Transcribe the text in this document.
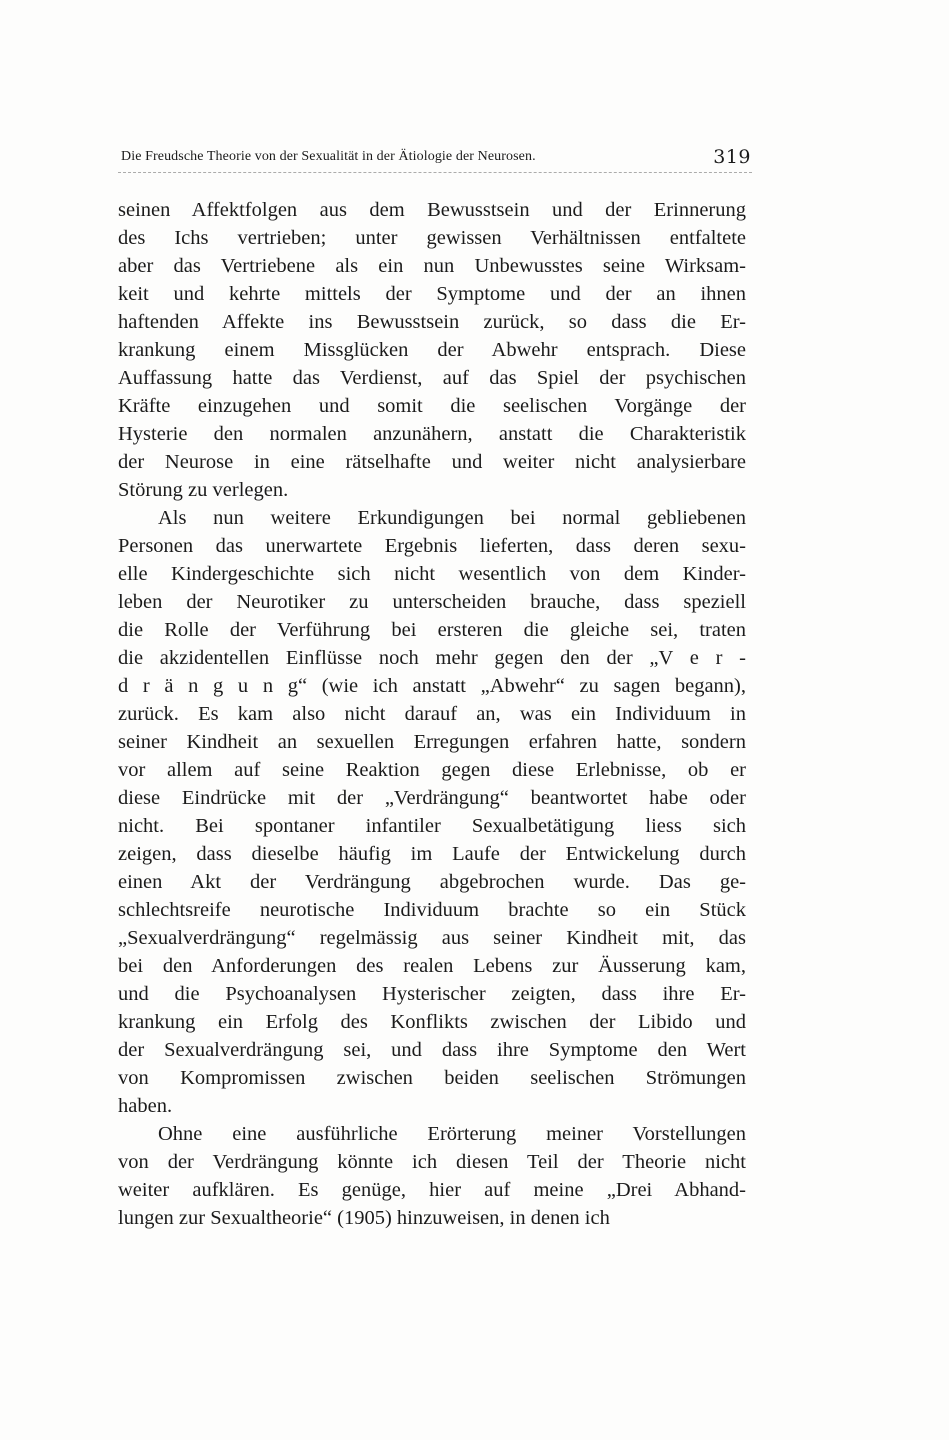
Die Freudsche Theorie von der Sexualität in der Ätiologie der Neurosen.	319
seinen Affektfolgen aus dem Bewusstsein und der Erinnerung
des Ichs vertrieben; unter gewissen Verhältnissen entfaltete
aber das Vertriebene als ein nun Unbewusstes seine Wirksam-
keit und kehrte mittels der Symptome und der an ihnen
haftenden Affekte ins Bewusstsein zurück, so dass die Er-
krankung einem Missglücken der Abwehr entsprach. Diese
Auffassung hatte das Verdienst, auf das Spiel der psychischen
Kräfte einzugehen und somit die seelischen Vorgänge der
Hysterie den normalen anzunähern, anstatt die Charakteristik
der Neurose in eine rätselhafte und weiter nicht analysierbare
Störung zu verlegen.
Als nun weitere Erkundigungen bei normal gebliebenen
Personen das unerwartete Ergebnis lieferten, dass deren sexu-
elle Kindergeschichte sich nicht wesentlich von dem Kinder-
leben der Neurotiker zu unterscheiden brauche, dass speziell
die Rolle der Verführung bei ersteren die gleiche sei, traten
die akzidentellen Einflüsse noch mehr gegen den der „V e r -
d r ä n g u n g“ (wie ich anstatt „Abwehr“ zu sagen begann),
zurück. Es kam also nicht darauf an, was ein Individuum in
seiner Kindheit an sexuellen Erregungen erfahren hatte, sondern
vor allem auf seine Reaktion gegen diese Erlebnisse, ob er
diese Eindrücke mit der „Verdrängung“ beantwortet habe oder
nicht. Bei spontaner infantiler Sexualbetätigung liess sich
zeigen, dass dieselbe häufig im Laufe der Entwickelung durch
einen Akt der Verdrängung abgebrochen wurde. Das ge-
schlechtsreife neurotische Individuum brachte so ein Stück
„Sexualverdrängung“ regelmässig aus seiner Kindheit mit, das
bei den Anforderungen des realen Lebens zur Äusserung kam,
und die Psychoanalysen Hysterischer zeigten, dass ihre Er-
krankung ein Erfolg des Konflikts zwischen der Libido und
der Sexualverdrängung sei, und dass ihre Symptome den Wert
von Kompromissen zwischen beiden seelischen Strömungen
haben.
Ohne eine ausführliche Erörterung meiner Vorstellungen
von der Verdrängung könnte ich diesen Teil der Theorie nicht
weiter aufklären. Es genüge, hier auf meine „Drei Abhand-
lungen zur Sexualtheorie“ (1905) hinzuweisen, in denen ich
